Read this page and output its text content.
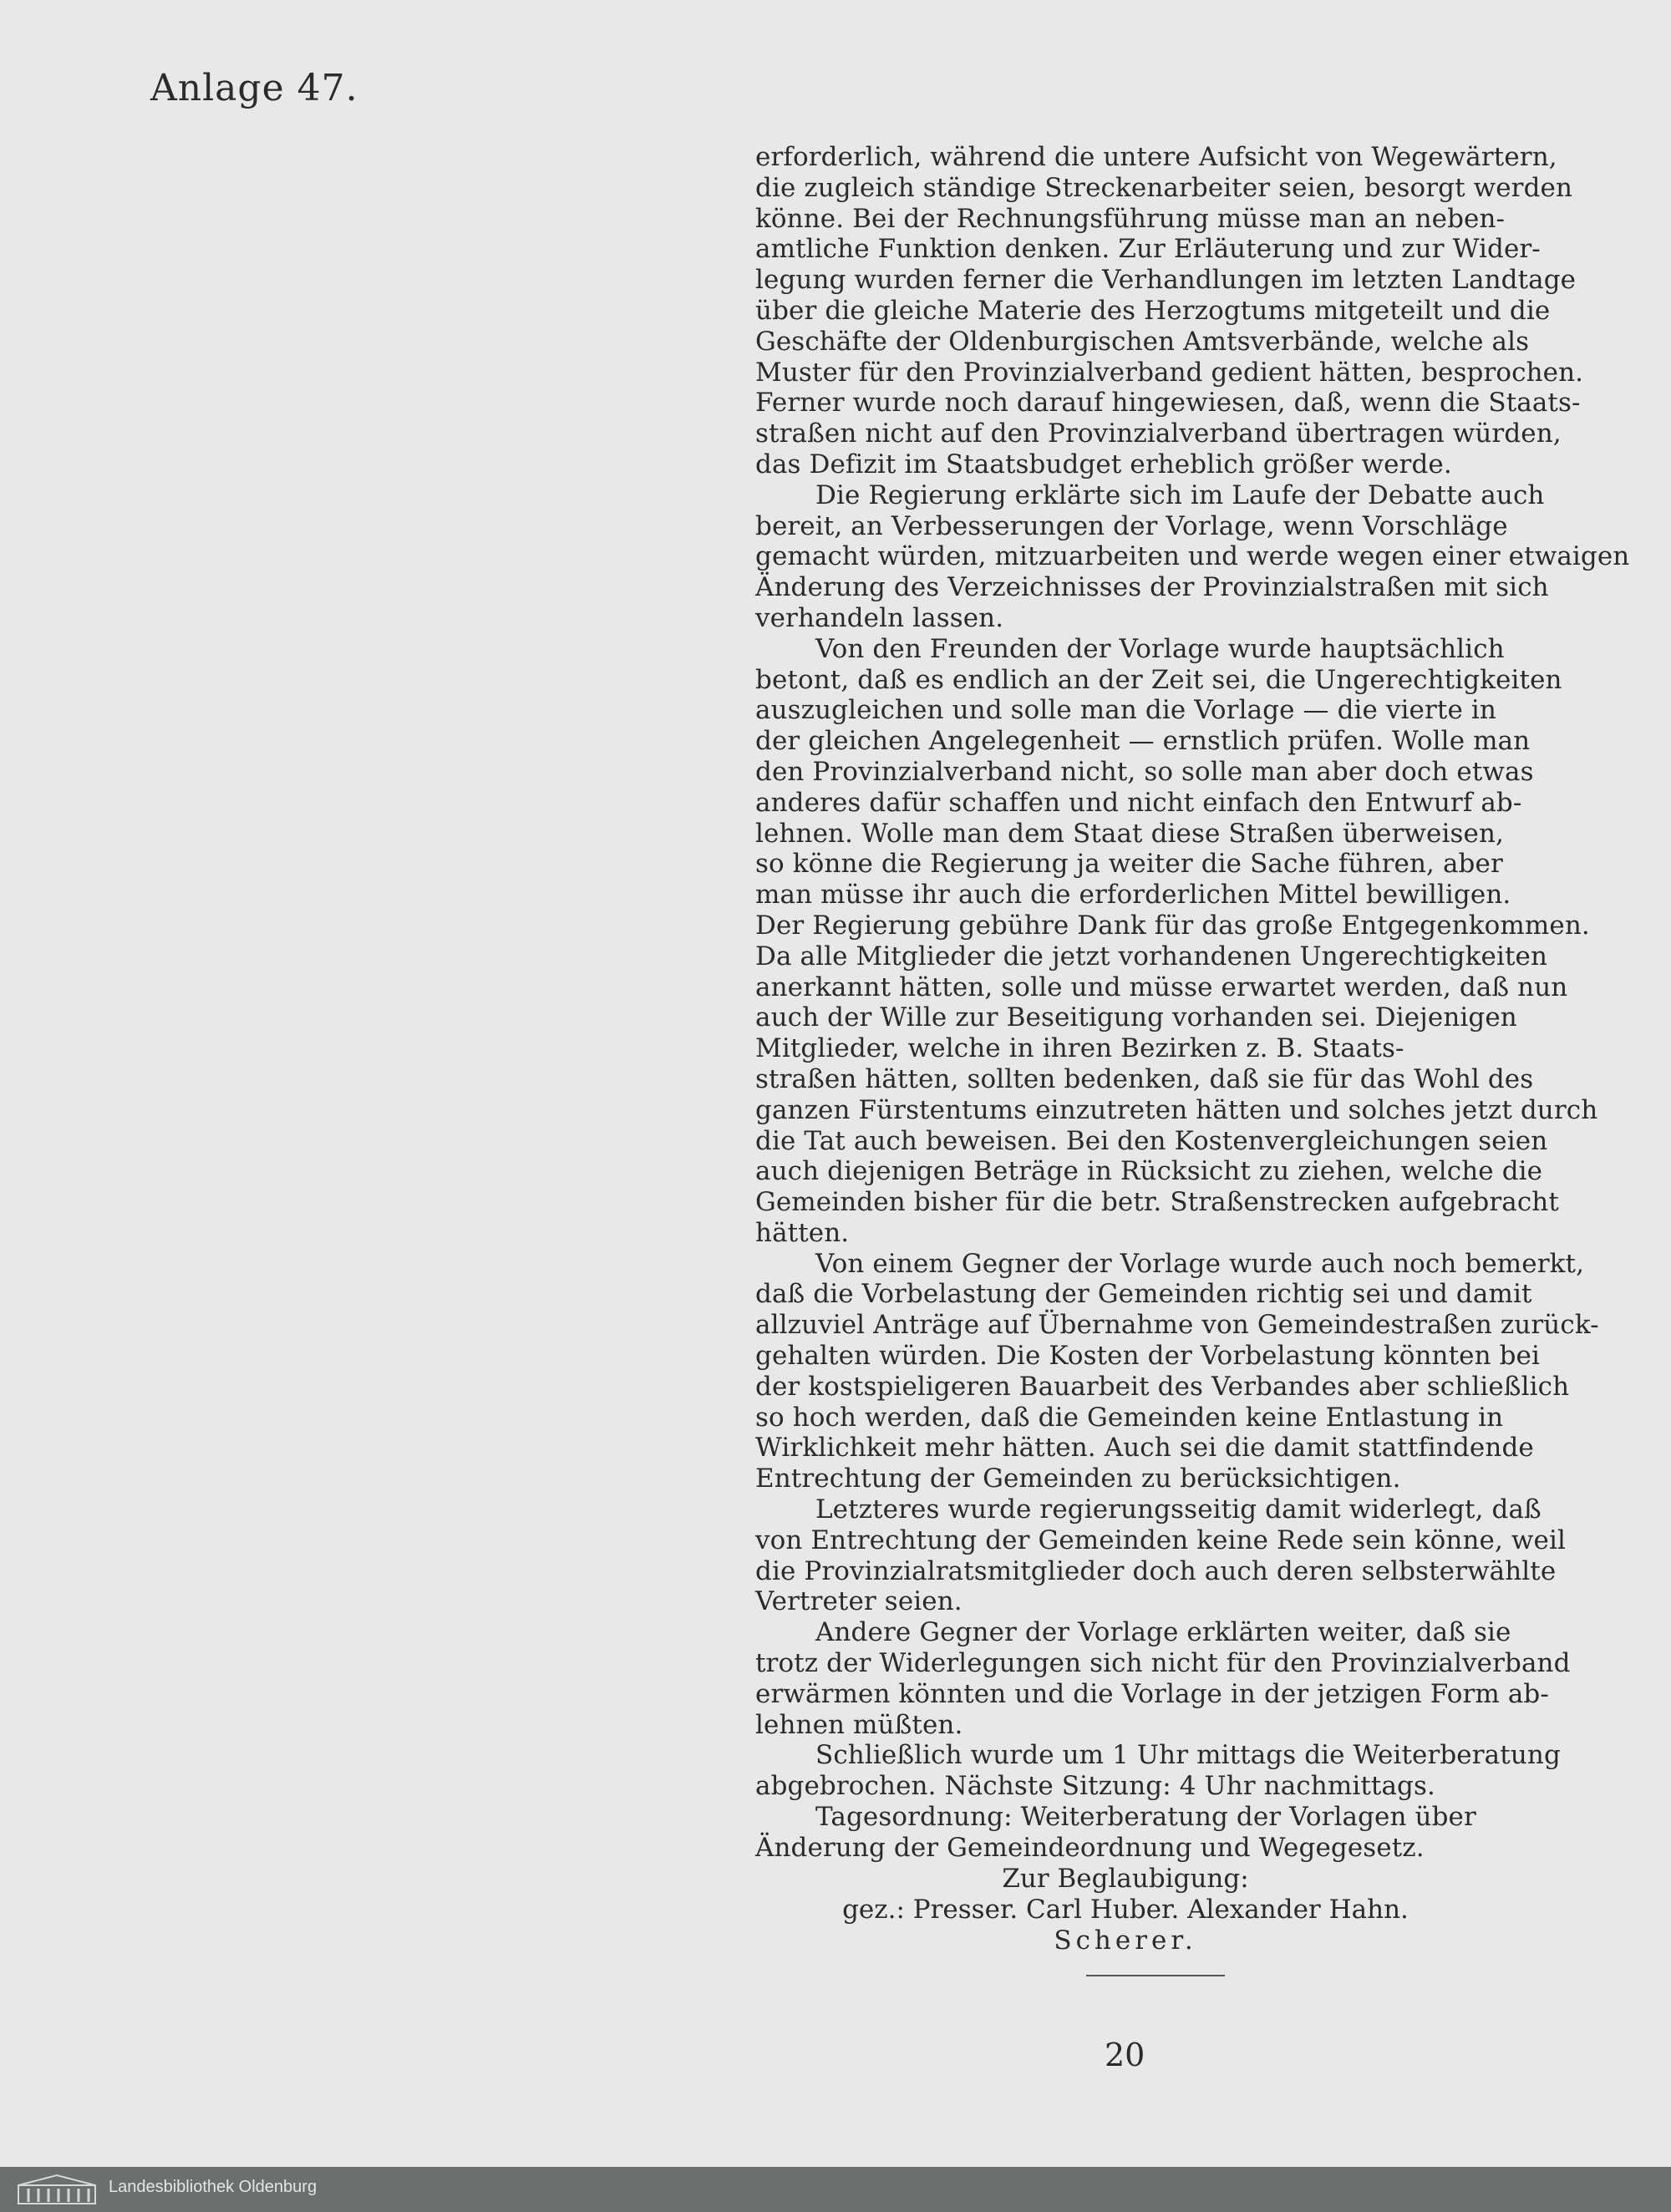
Anlage 47.
erforderlich, während die untere Aufsicht von Wegewärtern,
die zugleich ständige Streckenarbeiter seien, besorgt werden
könne. Bei der Rechnungsführung müsse man an neben-
amtliche Funktion denken. Zur Erläuterung und zur Wider-
legung wurden ferner die Verhandlungen im letzten Landtage
über die gleiche Materie des Herzogtums mitgeteilt und die
Geschäfte der Oldenburgischen Amtsverbände, welche als
Muster für den Provinzialverband gedient hätten, besprochen.
Ferner wurde noch darauf hingewiesen, daß, wenn die Staats-
straßen nicht auf den Provinzialverband übertragen würden,
das Defizit im Staatsbudget erheblich größer werde.
Die Regierung erklärte sich im Laufe der Debatte auch
bereit, an Verbesserungen der Vorlage, wenn Vorschläge
gemacht würden, mitzuarbeiten und werde wegen einer etwaigen
Änderung des Verzeichnisses der Provinzialstraßen mit sich
verhandeln lassen.
Von den Freunden der Vorlage wurde hauptsächlich
betont, daß es endlich an der Zeit sei, die Ungerechtigkeiten
auszugleichen und solle man die Vorlage — die vierte in
der gleichen Angelegenheit — ernstlich prüfen. Wolle man
den Provinzialverband nicht, so solle man aber doch etwas
anderes dafür schaffen und nicht einfach den Entwurf ab-
lehnen. Wolle man dem Staat diese Straßen überweisen,
so könne die Regierung ja weiter die Sache führen, aber
man müsse ihr auch die erforderlichen Mittel bewilligen.
Der Regierung gebühre Dank für das große Entgegenkommen.
Da alle Mitglieder die jetzt vorhandenen Ungerechtigkeiten
anerkannt hätten, solle und müsse erwartet werden, daß nun
auch der Wille zur Beseitigung vorhanden sei. Diejenigen
Mitglieder, welche in ihren Bezirken z. B. Staats-
straßen hätten, sollten bedenken, daß sie für das Wohl des
ganzen Fürstentums einzutreten hätten und solches jetzt durch
die Tat auch beweisen. Bei den Kostenvergleichungen seien
auch diejenigen Beträge in Rücksicht zu ziehen, welche die
Gemeinden bisher für die betr. Straßenstrecken aufgebracht
hätten.
Von einem Gegner der Vorlage wurde auch noch bemerkt,
daß die Vorbelastung der Gemeinden richtig sei und damit
allzuviel Anträge auf Übernahme von Gemeindestraßen zurück-
gehalten würden. Die Kosten der Vorbelastung könnten bei
der kostspieligeren Bauarbeit des Verbandes aber schließlich
so hoch werden, daß die Gemeinden keine Entlastung in
Wirklichkeit mehr hätten. Auch sei die damit stattfindende
Entrechtung der Gemeinden zu berücksichtigen.
Letzteres wurde regierungsseitig damit widerlegt, daß
von Entrechtung der Gemeinden keine Rede sein könne, weil
die Provinzialratsmitglieder doch auch deren selbsterwählte
Vertreter seien.
Andere Gegner der Vorlage erklärten weiter, daß sie
trotz der Widerlegungen sich nicht für den Provinzialverband
erwärmen könnten und die Vorlage in der jetzigen Form ab-
lehnen müßten.
Schließlich wurde um 1 Uhr mittags die Weiterberatung
abgebrochen. Nächste Sitzung: 4 Uhr nachmittags.
Tagesordnung: Weiterberatung der Vorlagen über
Änderung der Gemeindeordnung und Wegegesetz.
Zur Beglaubigung:
gez.: Presser. Carl Huber. Alexander Hahn.
Scherer.
20
Landesbibliothek Oldenburg
